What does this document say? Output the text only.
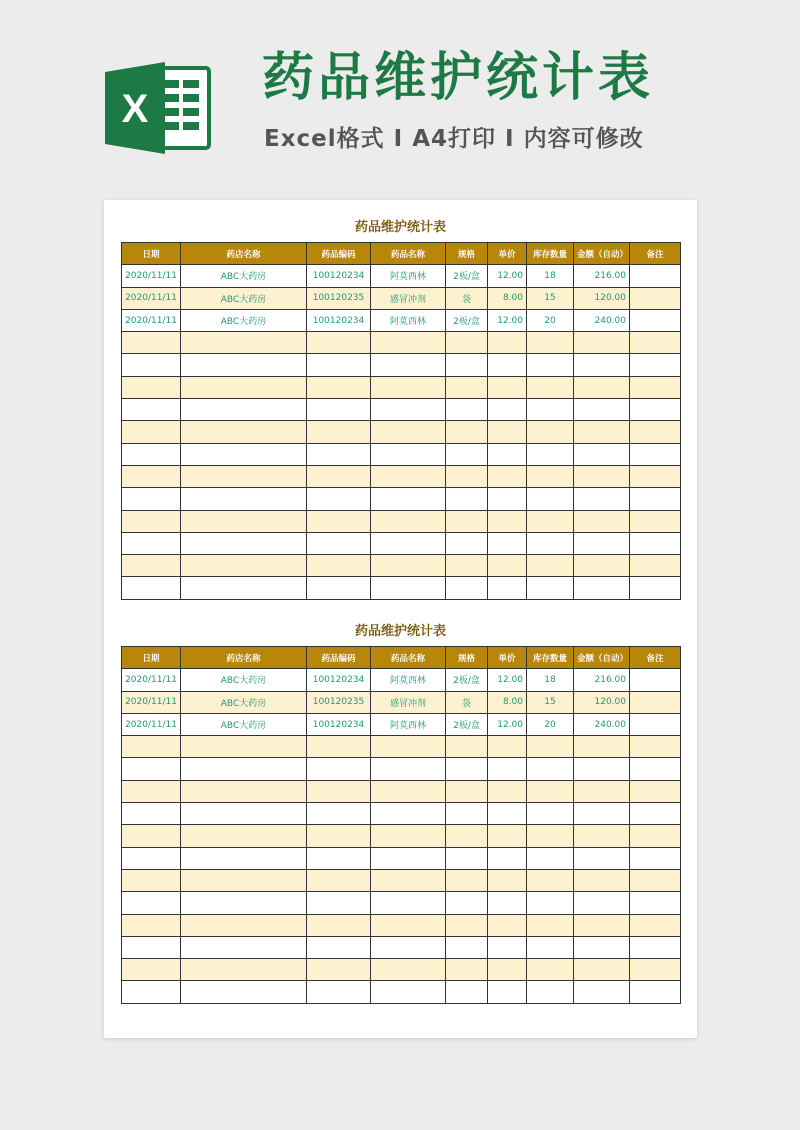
X
药品维护统计表
Excel格式 I A4打印 I 内容可修改
药品维护统计表
日期	药店名称	药品编码	药品名称	规格	单价	库存数量	金额（自动）	备注
2020/11/11	ABC大药房	100120234	阿莫西林	2板/盒	12.00	18	216.00	
2020/11/11	ABC大药房	100120235	感冒冲剂	袋	8.00	15	120.00	
2020/11/11	ABC大药房	100120234	阿莫西林	2板/盒	12.00	20	240.00	

药品维护统计表
日期	药店名称	药品编码	药品名称	规格	单价	库存数量	金额（自动）	备注
2020/11/11	ABC大药房	100120234	阿莫西林	2板/盒	12.00	18	216.00	
2020/11/11	ABC大药房	100120235	感冒冲剂	袋	8.00	15	120.00	
2020/11/11	ABC大药房	100120234	阿莫西林	2板/盒	12.00	20	240.00	
